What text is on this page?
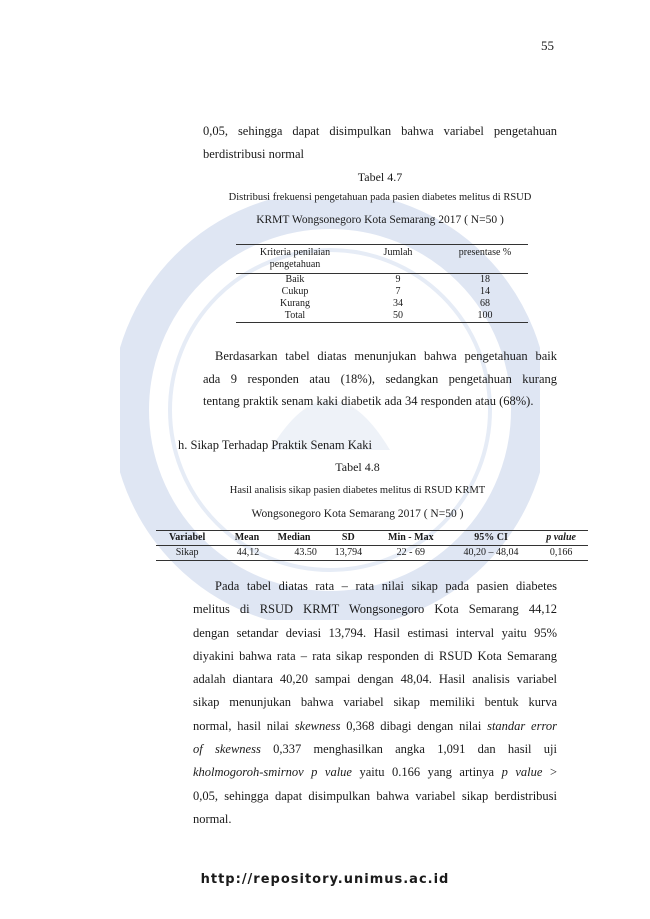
55
0,05, sehingga dapat disimpulkan bahwa variabel pengetahuan
berdistribusi normal
Tabel 4.7
Distribusi frekuensi pengetahuan pada pasien diabetes melitus di RSUD
KRMT Wongsonegoro Kota Semarang 2017 ( N=50 )
Kriteria penilaian pengetahuan	Jumlah	presentase %
Baik	9	18
Cukup	7	14
Kurang	34	68
Total	50	100
Berdasarkan tabel diatas menunjukan bahwa pengetahuan baik
ada 9 responden atau (18%), sedangkan pengetahuan kurang
tentang praktik senam kaki diabetik ada 34 responden atau (68%).
h. Sikap Terhadap Praktik Senam Kaki
Tabel 4.8
Hasil analisis sikap pasien diabetes melitus di RSUD KRMT
Wongsonegoro Kota Semarang 2017 ( N=50 )
Variabel	Mean	Median	SD	Min - Max	95% CI	p value
Sikap	44,12	43.50	13,794	22 - 69	40,20 – 48,04	0,166
Pada tabel diatas rata – rata nilai sikap pada pasien diabetes
melitus di RSUD KRMT Wongsonegoro Kota Semarang 44,12
dengan setandar deviasi 13,794. Hasil estimasi interval yaitu 95%
diyakini bahwa rata – rata sikap responden di RSUD Kota Semarang
adalah diantara 40,20 sampai dengan 48,04. Hasil analisis variabel
sikap menunjukan bahwa variabel sikap memiliki bentuk kurva
normal, hasil nilai skewness 0,368 dibagi dengan nilai standar error
of skewness 0,337 menghasilkan angka 1,091 dan hasil uji
kholmogoroh-smirnov p value yaitu 0.166 yang artinya p value >
0,05, sehingga dapat disimpulkan bahwa variabel sikap berdistribusi
normal.
http://repository.unimus.ac.id
